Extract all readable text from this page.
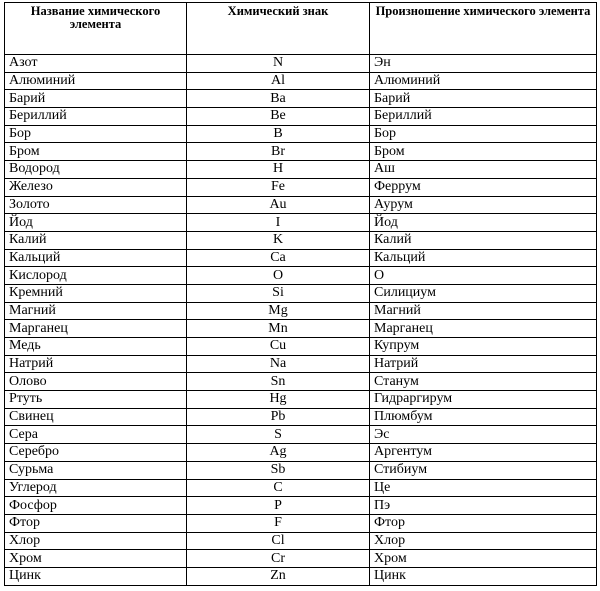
Название химического элемента	Химический знак	Произношение химического элемента
Азот	N	Эн
Алюминий	Al	Алюминий
Барий	Ba	Барий
Бериллий	Be	Бериллий
Бор	B	Бор
Бром	Br	Бром
Водород	H	Аш
Железо	Fe	Феррум
Золото	Au	Аурум
Йод	I	Йод
Калий	K	Калий
Кальций	Ca	Кальций
Кислород	O	О
Кремний	Si	Силициум
Магний	Mg	Магний
Марганец	Mn	Марганец
Медь	Cu	Купрум
Натрий	Na	Натрий
Олово	Sn	Станум
Ртуть	Hg	Гидраргирум
Свинец	Pb	Плюмбум
Сера	S	Эс
Серебро	Ag	Аргентум
Сурьма	Sb	Стибиум
Углерод	C	Це
Фосфор	P	Пэ
Фтор	F	Фтор
Хлор	Cl	Хлор
Хром	Cr	Хром
Цинк	Zn	Цинк
